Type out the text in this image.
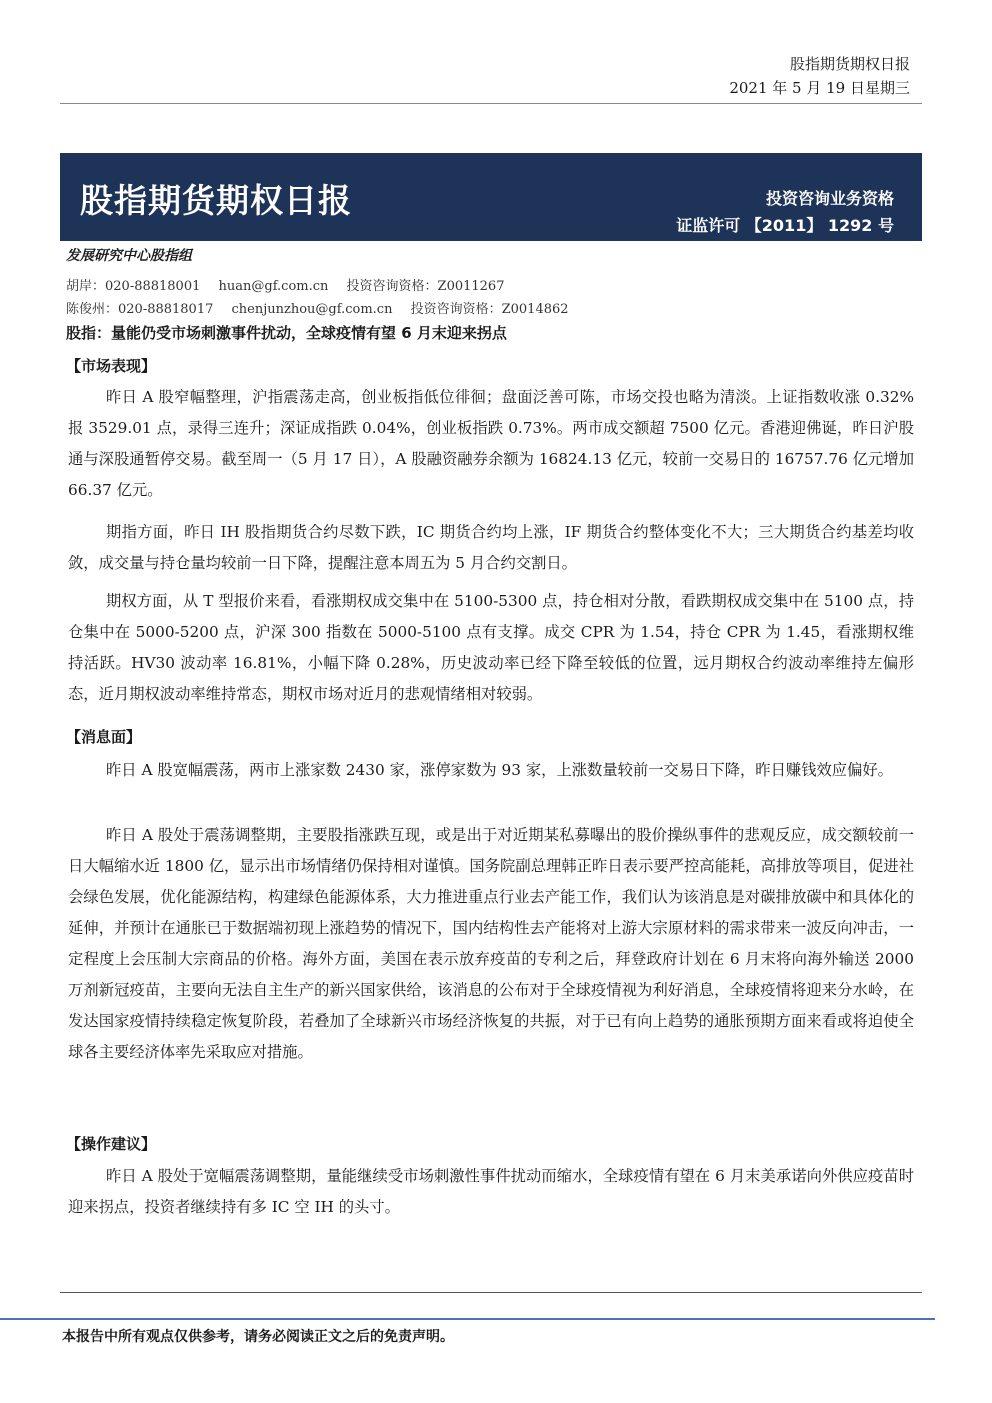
股指期货期权日报
2021 年 5 月 19 日星期三
股指期货期权日报	投资咨询业务资格
证监许可 【2011】 1292 号
发展研究中心股指组
胡岸：020-88818001 huan@gf.com.cn 投资咨询资格：Z0011267
陈俊州：020-88818017 chenjunzhou@gf.com.cn 投资咨询资格：Z0014862
股指：量能仍受市场刺激事件扰动，全球疫情有望 6 月末迎来拐点
【市场表现】
昨日 A 股窄幅整理，沪指震荡走高，创业板指低位徘徊；盘面泛善可陈，市场交投也略为清淡。上证指数收涨 0.32%报 3529.01 点，录得三连升；深证成指跌 0.04%，创业板指跌 0.73%。两市成交额超 7500 亿元。香港迎佛诞，昨日沪股通与深股通暂停交易。截至周一（5 月 17 日），A 股融资融券余额为 16824.13 亿元，较前一交易日的 16757.76 亿元增加 66.37 亿元。
期指方面，昨日 IH 股指期货合约尽数下跌，IC 期货合约均上涨，IF 期货合约整体变化不大；三大期货合约基差均收敛，成交量与持仓量均较前一日下降，提醒注意本周五为 5 月合约交割日。
期权方面，从 T 型报价来看，看涨期权成交集中在 5100-5300 点，持仓相对分散，看跌期权成交集中在 5100 点，持仓集中在 5000-5200 点，沪深 300 指数在 5000-5100 点有支撑。成交 CPR 为 1.54，持仓 CPR 为 1.45，看涨期权维持活跃。HV30 波动率 16.81%，小幅下降 0.28%，历史波动率已经下降至较低的位置，远月期权合约波动率维持左偏形态，近月期权波动率维持常态，期权市场对近月的悲观情绪相对较弱。
【消息面】
昨日 A 股宽幅震荡，两市上涨家数 2430 家，涨停家数为 93 家，上涨数量较前一交易日下降，昨日赚钱效应偏好。
昨日 A 股处于震荡调整期，主要股指涨跌互现，或是出于对近期某私募曝出的股价操纵事件的悲观反应，成交额较前一日大幅缩水近 1800 亿，显示出市场情绪仍保持相对谨慎。国务院副总理韩正昨日表示要严控高能耗，高排放等项目，促进社会绿色发展，优化能源结构，构建绿色能源体系，大力推进重点行业去产能工作，我们认为该消息是对碳排放碳中和具体化的延伸，并预计在通胀已于数据端初现上涨趋势的情况下，国内结构性去产能将对上游大宗原材料的需求带来一波反向冲击，一定程度上会压制大宗商品的价格。海外方面，美国在表示放弃疫苗的专利之后，拜登政府计划在 6 月末将向海外输送 2000 万剂新冠疫苗，主要向无法自主生产的新兴国家供给，该消息的公布对于全球疫情视为利好消息，全球疫情将迎来分水岭，在发达国家疫情持续稳定恢复阶段，若叠加了全球新兴市场经济恢复的共振，对于已有向上趋势的通胀预期方面来看或将迫使全球各主要经济体率先采取应对措施。
【操作建议】
昨日 A 股处于宽幅震荡调整期，量能继续受市场刺激性事件扰动而缩水，全球疫情有望在 6 月末美承诺向外供应疫苗时迎来拐点，投资者继续持有多 IC 空 IH 的头寸。
本报告中所有观点仅供参考，请务必阅读正文之后的免责声明。
